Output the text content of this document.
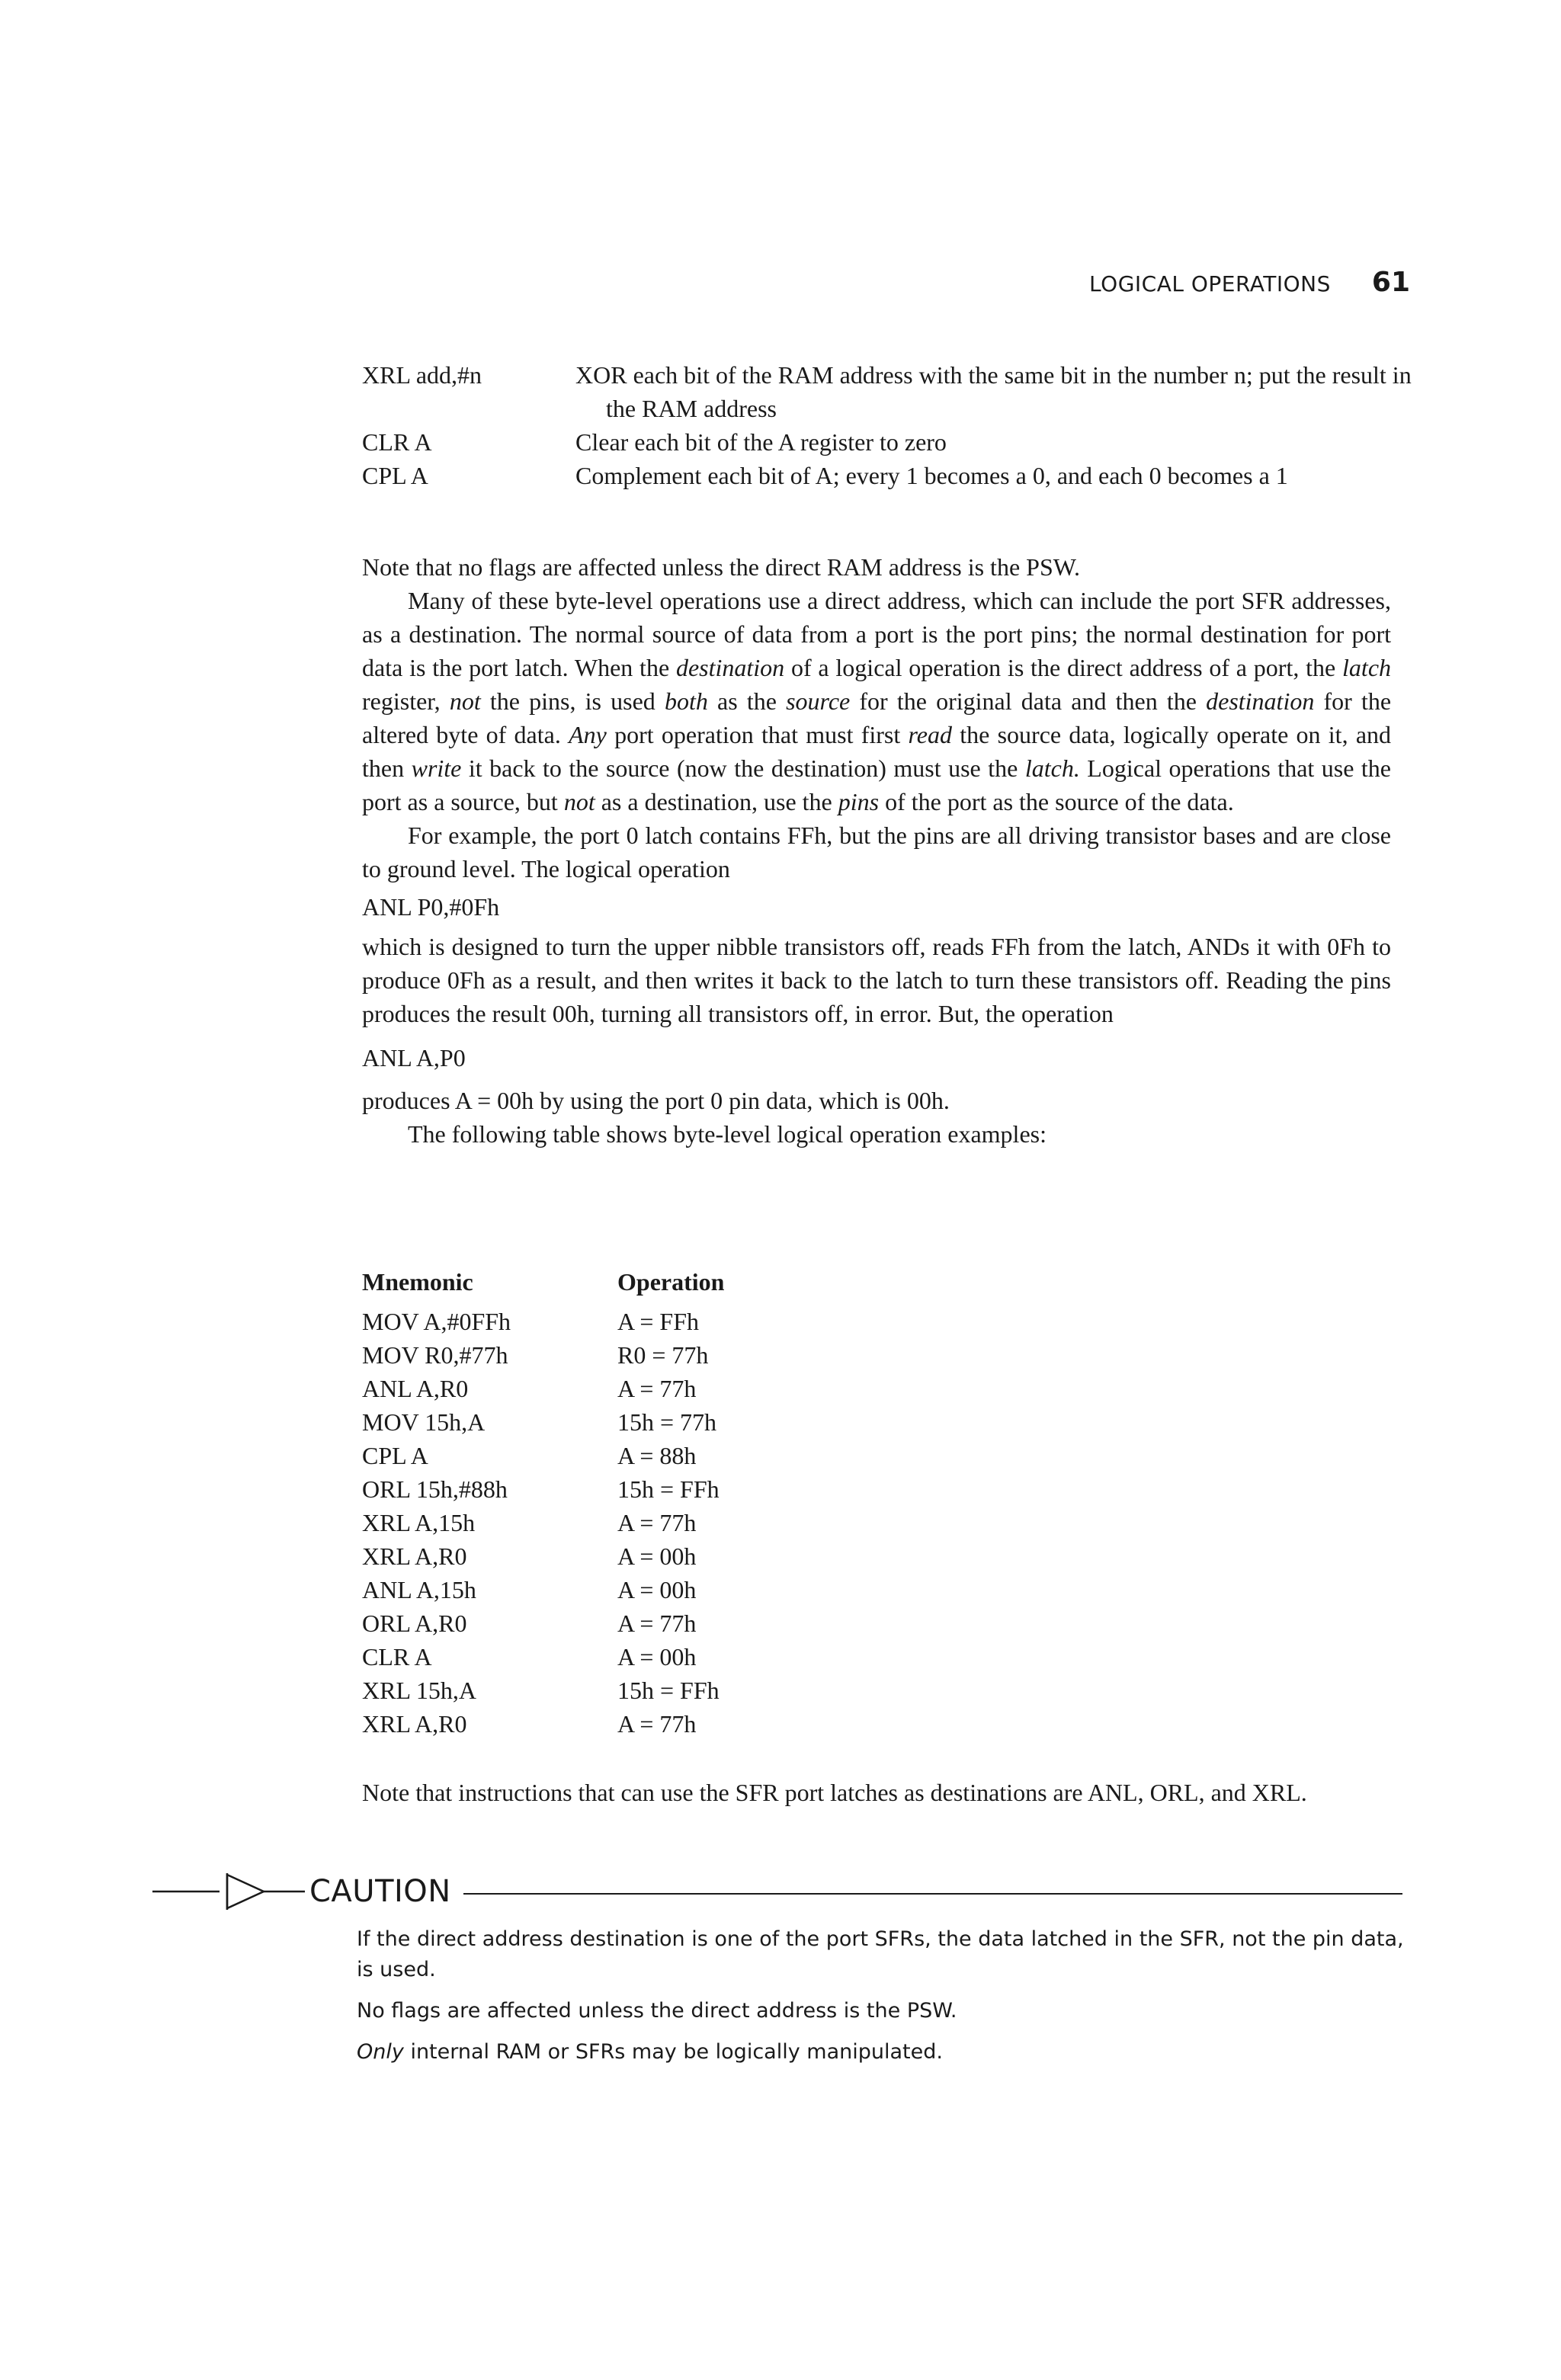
LOGICAL OPERATIONS 61
XRL add,#n	XOR each bit of the RAM address with the same bit in the number n; put the result in the RAM address
CLR A	Clear each bit of the A register to zero
CPL A	Complement each bit of A; every 1 becomes a 0, and each 0 becomes a 1

Note that no flags are affected unless the direct RAM address is the PSW.

Many of these byte-level operations use a direct address, which can include the port SFR addresses, as a destination. The normal source of data from a port is the port pins; the normal destination for port data is the port latch. When the destination of a logical operation is the direct address of a port, the latch register, not the pins, is used both as the source for the original data and then the destination for the altered byte of data. Any port operation that must first read the source data, logically operate on it, and then write it back to the source (now the destination) must use the latch. Logical operations that use the port as a source, but not as a destination, use the pins of the port as the source of the data.

For example, the port 0 latch contains FFh, but the pins are all driving transistor bases and are close to ground level. The logical operation

ANL P0,#0Fh

which is designed to turn the upper nibble transistors off, reads FFh from the latch, ANDs it with 0Fh to produce 0Fh as a result, and then writes it back to the latch to turn these transistors off. Reading the pins produces the result 00h, turning all transistors off, in error. But, the operation

ANL A,P0

produces A = 00h by using the port 0 pin data, which is 00h.

The following table shows byte-level logical operation examples:

Mnemonic	Operation
MOV A,#0FFh	A = FFh
MOV R0,#77h	R0 = 77h
ANL A,R0	A = 77h
MOV 15h,A	15h = 77h
CPL A	A = 88h
ORL 15h,#88h	15h = FFh
XRL A,15h	A = 77h
XRL A,R0	A = 00h
ANL A,15h	A = 00h
ORL A,R0	A = 77h
CLR A	A = 00h
XRL 15h,A	15h = FFh
XRL A,R0	A = 77h

Note that instructions that can use the SFR port latches as destinations are ANL, ORL, and XRL.

CAUTION

If the direct address destination is one of the port SFRs, the data latched in the SFR, not the pin data, is used.

No flags are affected unless the direct address is the PSW.

Only internal RAM or SFRs may be logically manipulated.
